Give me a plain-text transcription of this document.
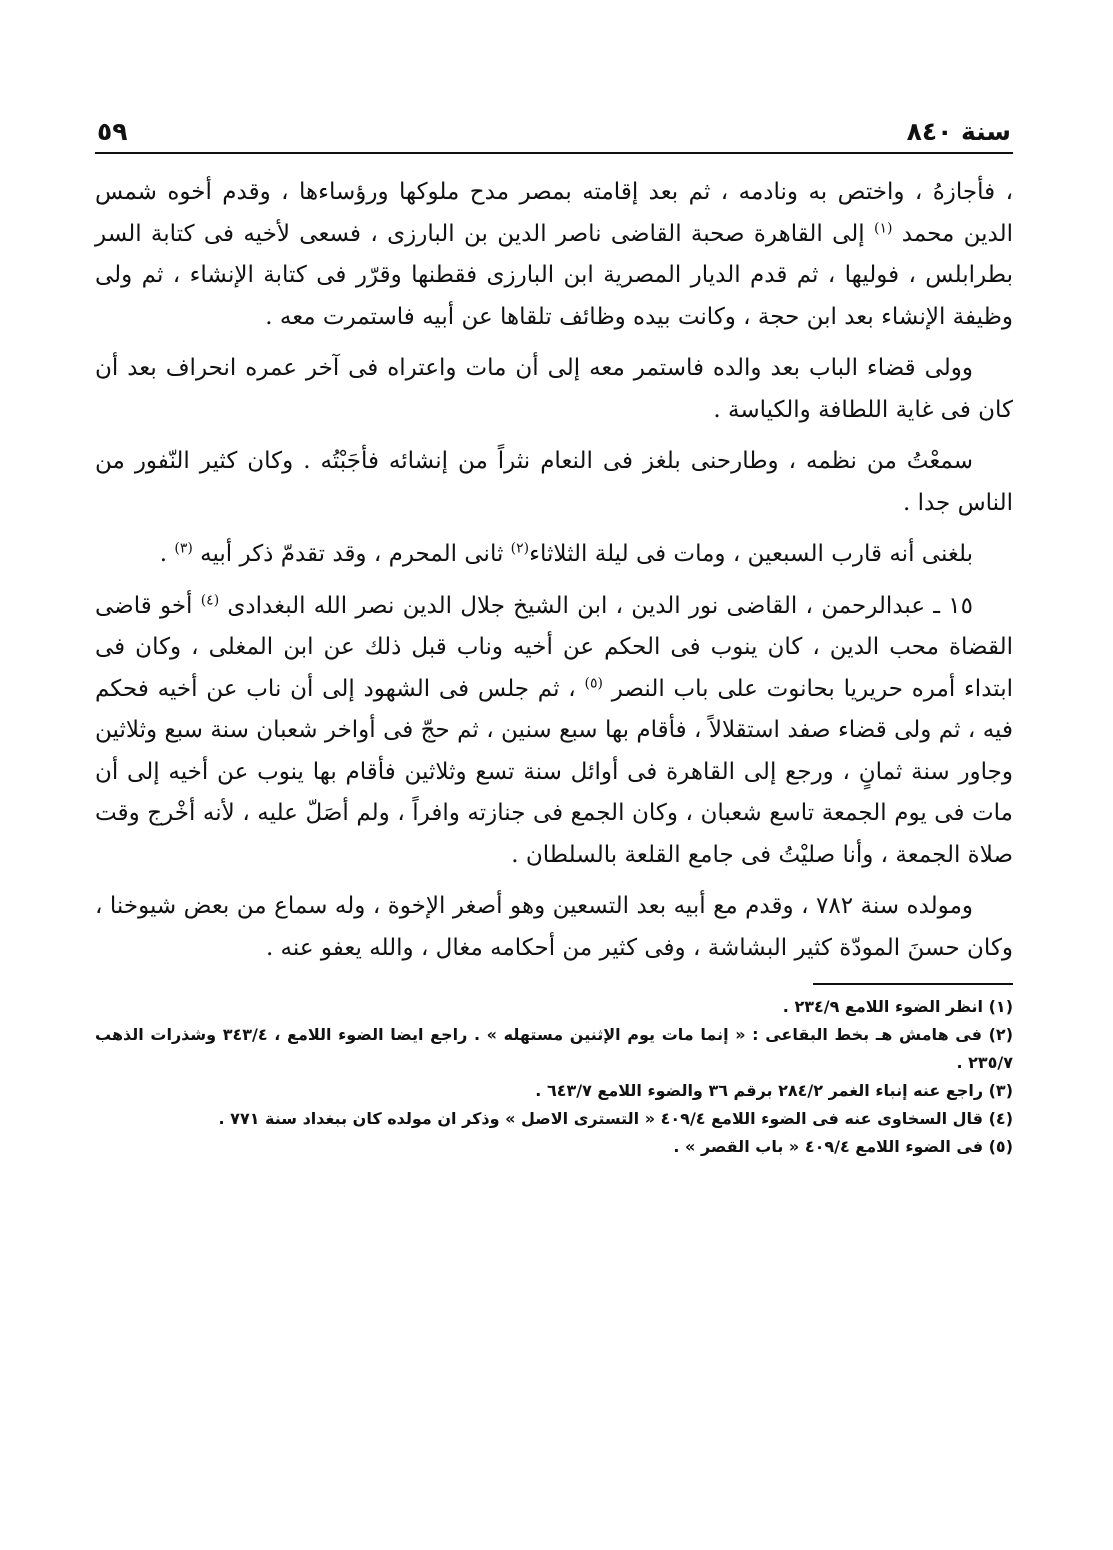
سنة ٨٤٠
٥٩

، فأجازهُ ، واختص به ونادمه ، ثم بعد إقامته بمصر مدح ملوكها ورؤساءها ، وقدم أخوه شمس الدين محمد $^{(١)}$ إلى القاهرة صحبة القاضى ناصر الدين بن البارزى ، فسعى لأخيه فى كتابة السر بطرابلس ، فوليها ، ثم قدم الديار المصرية ابن البارزى فقطنها وقرّر فى كتابة الإنشاء ، ثم ولى وظيفة الإنشاء بعد ابن حجة ، وكانت بيده وظائف تلقاها عن أبيه فاستمرت معه .

وولى قضاء الباب بعد والده فاستمر معه إلى أن مات واعتراه فى آخر عمره انحراف بعد أن كان فى غاية اللطافة والكياسة .

سمعْتُ من نظمه ، وطارحنى بلغز فى النعام نثراً من إنشائه فأجَبْتُه . وكان كثير النّفور من الناس جدا .

بلغنى أنه قارب السبعين ، ومات فى ليلة الثلاثاء$^{(٢)}$ ثانى المحرم ، وقد تقدمّ ذكر أبيه $^{(٣)}$ .

١٥ ـ عبدالرحمن ، القاضى نور الدين ، ابن الشيخ جلال الدين نصر الله البغدادى $^{(٤)}$ أخو قاضى القضاة محب الدين ، كان ينوب فى الحكم عن أخيه وناب قبل ذلك عن ابن المغلى ، وكان فى ابتداء أمره حريريا بحانوت على باب النصر $^{(٥)}$ ، ثم جلس فى الشهود إلى أن ناب عن أخيه فحكم فيه ، ثم ولى قضاء صفد استقلالاً ، فأقام بها سبع سنين ، ثم حجّ فى أواخر شعبان سنة سبع وثلاثين وجاور سنة ثمانٍ ، ورجع إلى القاهرة فى أوائل سنة تسع وثلاثين فأقام بها ينوب عن أخيه إلى أن مات فى يوم الجمعة تاسع شعبان ، وكان الجمع فى جنازته وافراً ، ولم أصَلّ عليه ، لأنه أخْرج وقت صلاة الجمعة ، وأنا صليْتُ فى جامع القلعة بالسلطان .

ومولده سنة ٧٨٢ ، وقدم مع أبيه بعد التسعين وهو أصغر الإخوة ، وله سماع من بعض شيوخنا ، وكان حسنَ المودّة كثير البشاشة ، وفى كثير من أحكامه مغال ، والله يعفو عنه .

(١) انظر الضوء اللامع ٢٣٤/٩ .
(٢) فى هامش هـ بخط البقاعى : « إنما مات يوم الإثنين مستهله » . راجع ايضا الضوء اللامع ، ٣٤٣/٤ وشذرات الذهب ٢٣٥/٧ .
(٣) راجع عنه إنباء الغمر ٢٨٤/٢ برقم ٣٦ والضوء اللامع ٦٤٣/٧ .
(٤) قال السخاوى عنه فى الضوء اللامع ٤٠٩/٤ « التسترى الاصل » وذكر ان مولده كان ببغداد سنة ٧٧١ .
(٥) فى الضوء اللامع ٤٠٩/٤ « باب القصر » .
